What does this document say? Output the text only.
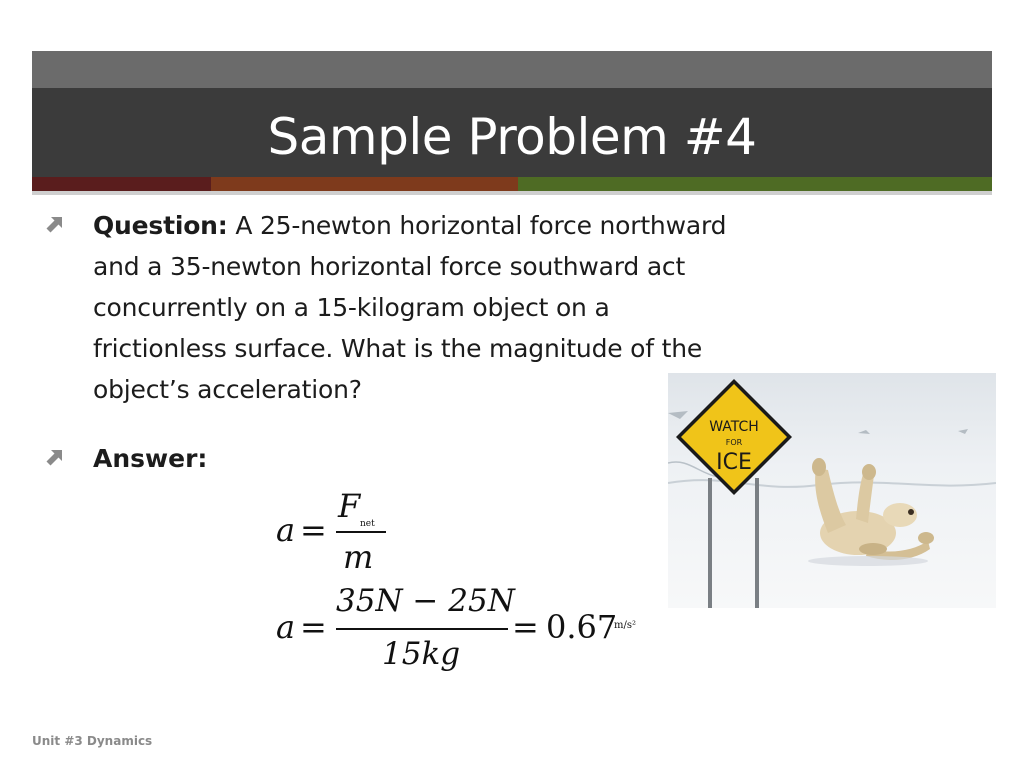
Sample Problem #4
Question: A 25-newton horizontal force northward and a 35-newton horizontal force southward act concurrently on a 15-kilogram object on a frictionless surface. What is the magnitude of the object’s acceleration?
Answer:
a =
F net
m
a =
35N − 25N
15kg
= 0.67
m/s²
WATCH
FOR
ICE
Unit #3 Dynamics
